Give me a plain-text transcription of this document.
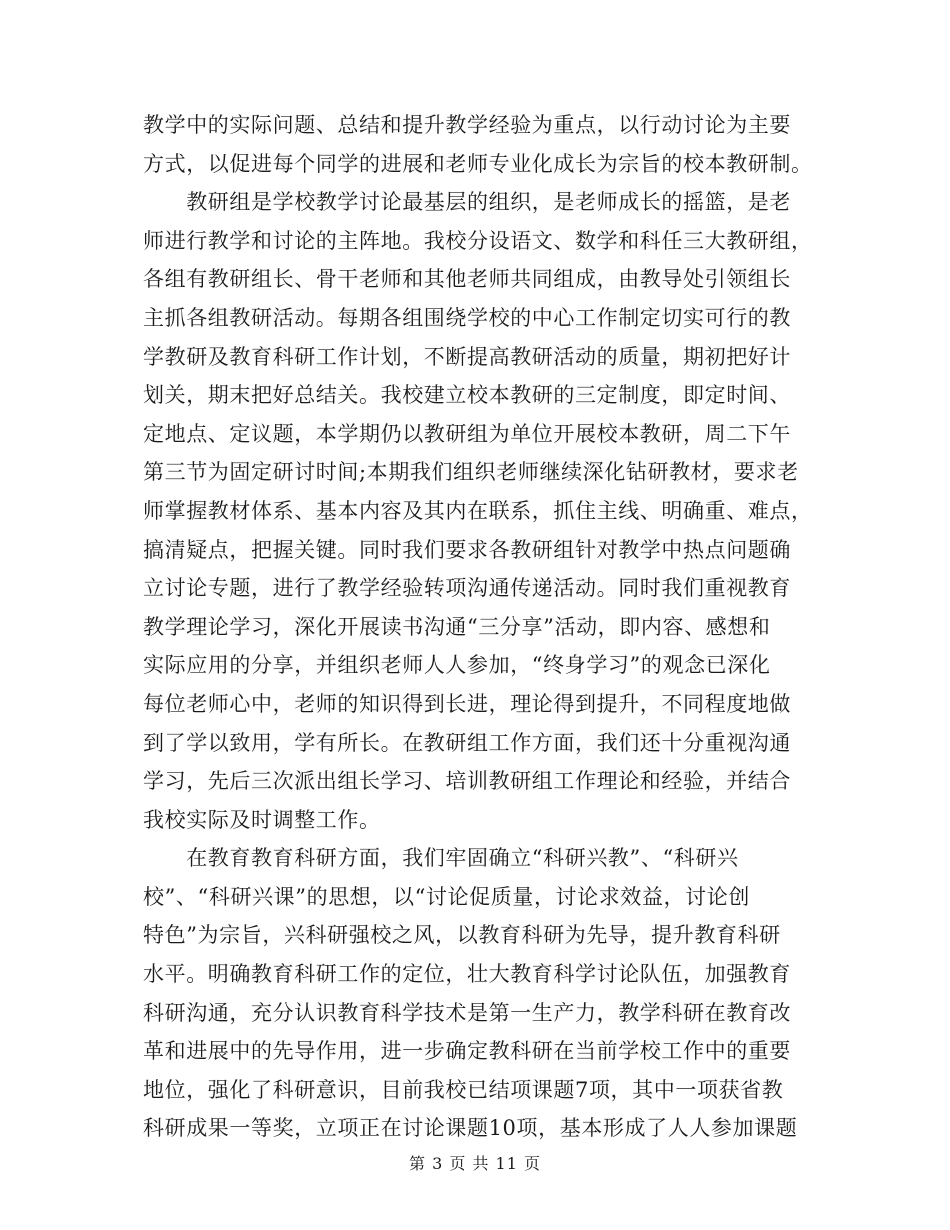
教学中的实际问题、总结和提升教学经验为重点，以行动讨论为主要
方式，以促进每个同学的进展和老师专业化成长为宗旨的校本教研制。
　　教研组是学校教学讨论最基层的组织，是老师成长的摇篮，是老
师进行教学和讨论的主阵地。我校分设语文、数学和科任三大教研组，
各组有教研组长、骨干老师和其他老师共同组成，由教导处引领组长
主抓各组教研活动。每期各组围绕学校的中心工作制定切实可行的教
学教研及教育科研工作计划，不断提高教研活动的质量，期初把好计
划关，期末把好总结关。我校建立校本教研的三定制度，即定时间、
定地点、定议题，本学期仍以教研组为单位开展校本教研，周二下午
第三节为固定研讨时间;本期我们组织老师继续深化钻研教材，要求老
师掌握教材体系、基本内容及其内在联系，抓住主线、明确重、难点，
搞清疑点，把握关键。同时我们要求各教研组针对教学中热点问题确
立讨论专题，进行了教学经验转项沟通传递活动。同时我们重视教育
教学理论学习，深化开展读书沟通“三分享”活动，即内容、感想和
实际应用的分享，并组织老师人人参加，“终身学习”的观念已深化
每位老师心中，老师的知识得到长进，理论得到提升，不同程度地做
到了学以致用，学有所长。在教研组工作方面，我们还十分重视沟通
学习，先后三次派出组长学习、培训教研组工作理论和经验，并结合
我校实际及时调整工作。
　　在教育教育科研方面，我们牢固确立“科研兴教”、“科研兴
校”、“科研兴课”的思想，以“讨论促质量，讨论求效益，讨论创
特色”为宗旨，兴科研强校之风，以教育科研为先导，提升教育科研
水平。明确教育科研工作的定位，壮大教育科学讨论队伍，加强教育
科研沟通，充分认识教育科学技术是第一生产力，教学科研在教育改
革和进展中的先导作用，进一步确定教科研在当前学校工作中的重要
地位，强化了科研意识，目前我校已结项课题7项，其中一项获省教
科研成果一等奖，立项正在讨论课题10项，基本形成了人人参加课题
第 3 页 共 11 页
